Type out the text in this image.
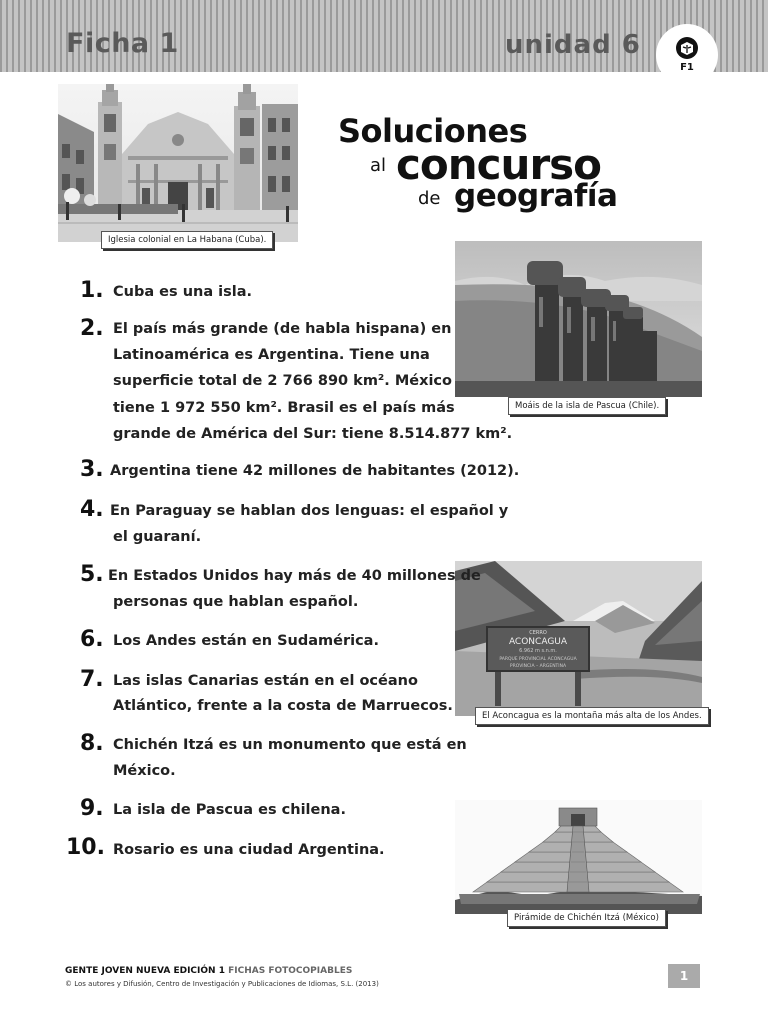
Ficha 1	unidad 6
F1
Iglesia colonial en La Habana (Cuba).
Soluciones
al concurso
de geografía
Moáis de la isla de Pascua (Chile).
CERRO
ACONCAGUA
6.962 m s.n.m.
PARQUE PROVINCIAL ACONCAGUA
PROVINCIA – ARGENTINA
El Aconcagua es la montaña más alta de los Andes.
Pirámide de Chichén Itzá (México)
1. Cuba es una isla.
2. El país más grande (de habla hispana) en
Latinoamérica es Argentina. Tiene una
superficie total de 2 766 890 km². México
tiene 1 972 550 km². Brasil es el país más
grande de América del Sur: tiene 8.514.877 km².
3. Argentina tiene 42 millones de habitantes (2012).
4. En Paraguay se hablan dos lenguas: el español y
el guaraní.
5. En Estados Unidos hay más de 40 millones de
personas que hablan español.
6. Los Andes están en Sudamérica.
7. Las islas Canarias están en el océano
Atlántico, frente a la costa de Marruecos.
8. Chichén Itzá es un monumento que está en
México.
9. La isla de Pascua es chilena.
10. Rosario es una ciudad Argentina.
GENTE JOVEN NUEVA EDICIÓN 1 FICHAS FOTOCOPIABLES
© Los autores y Difusión, Centro de Investigación y Publicaciones de Idiomas, S.L. (2013)
1
